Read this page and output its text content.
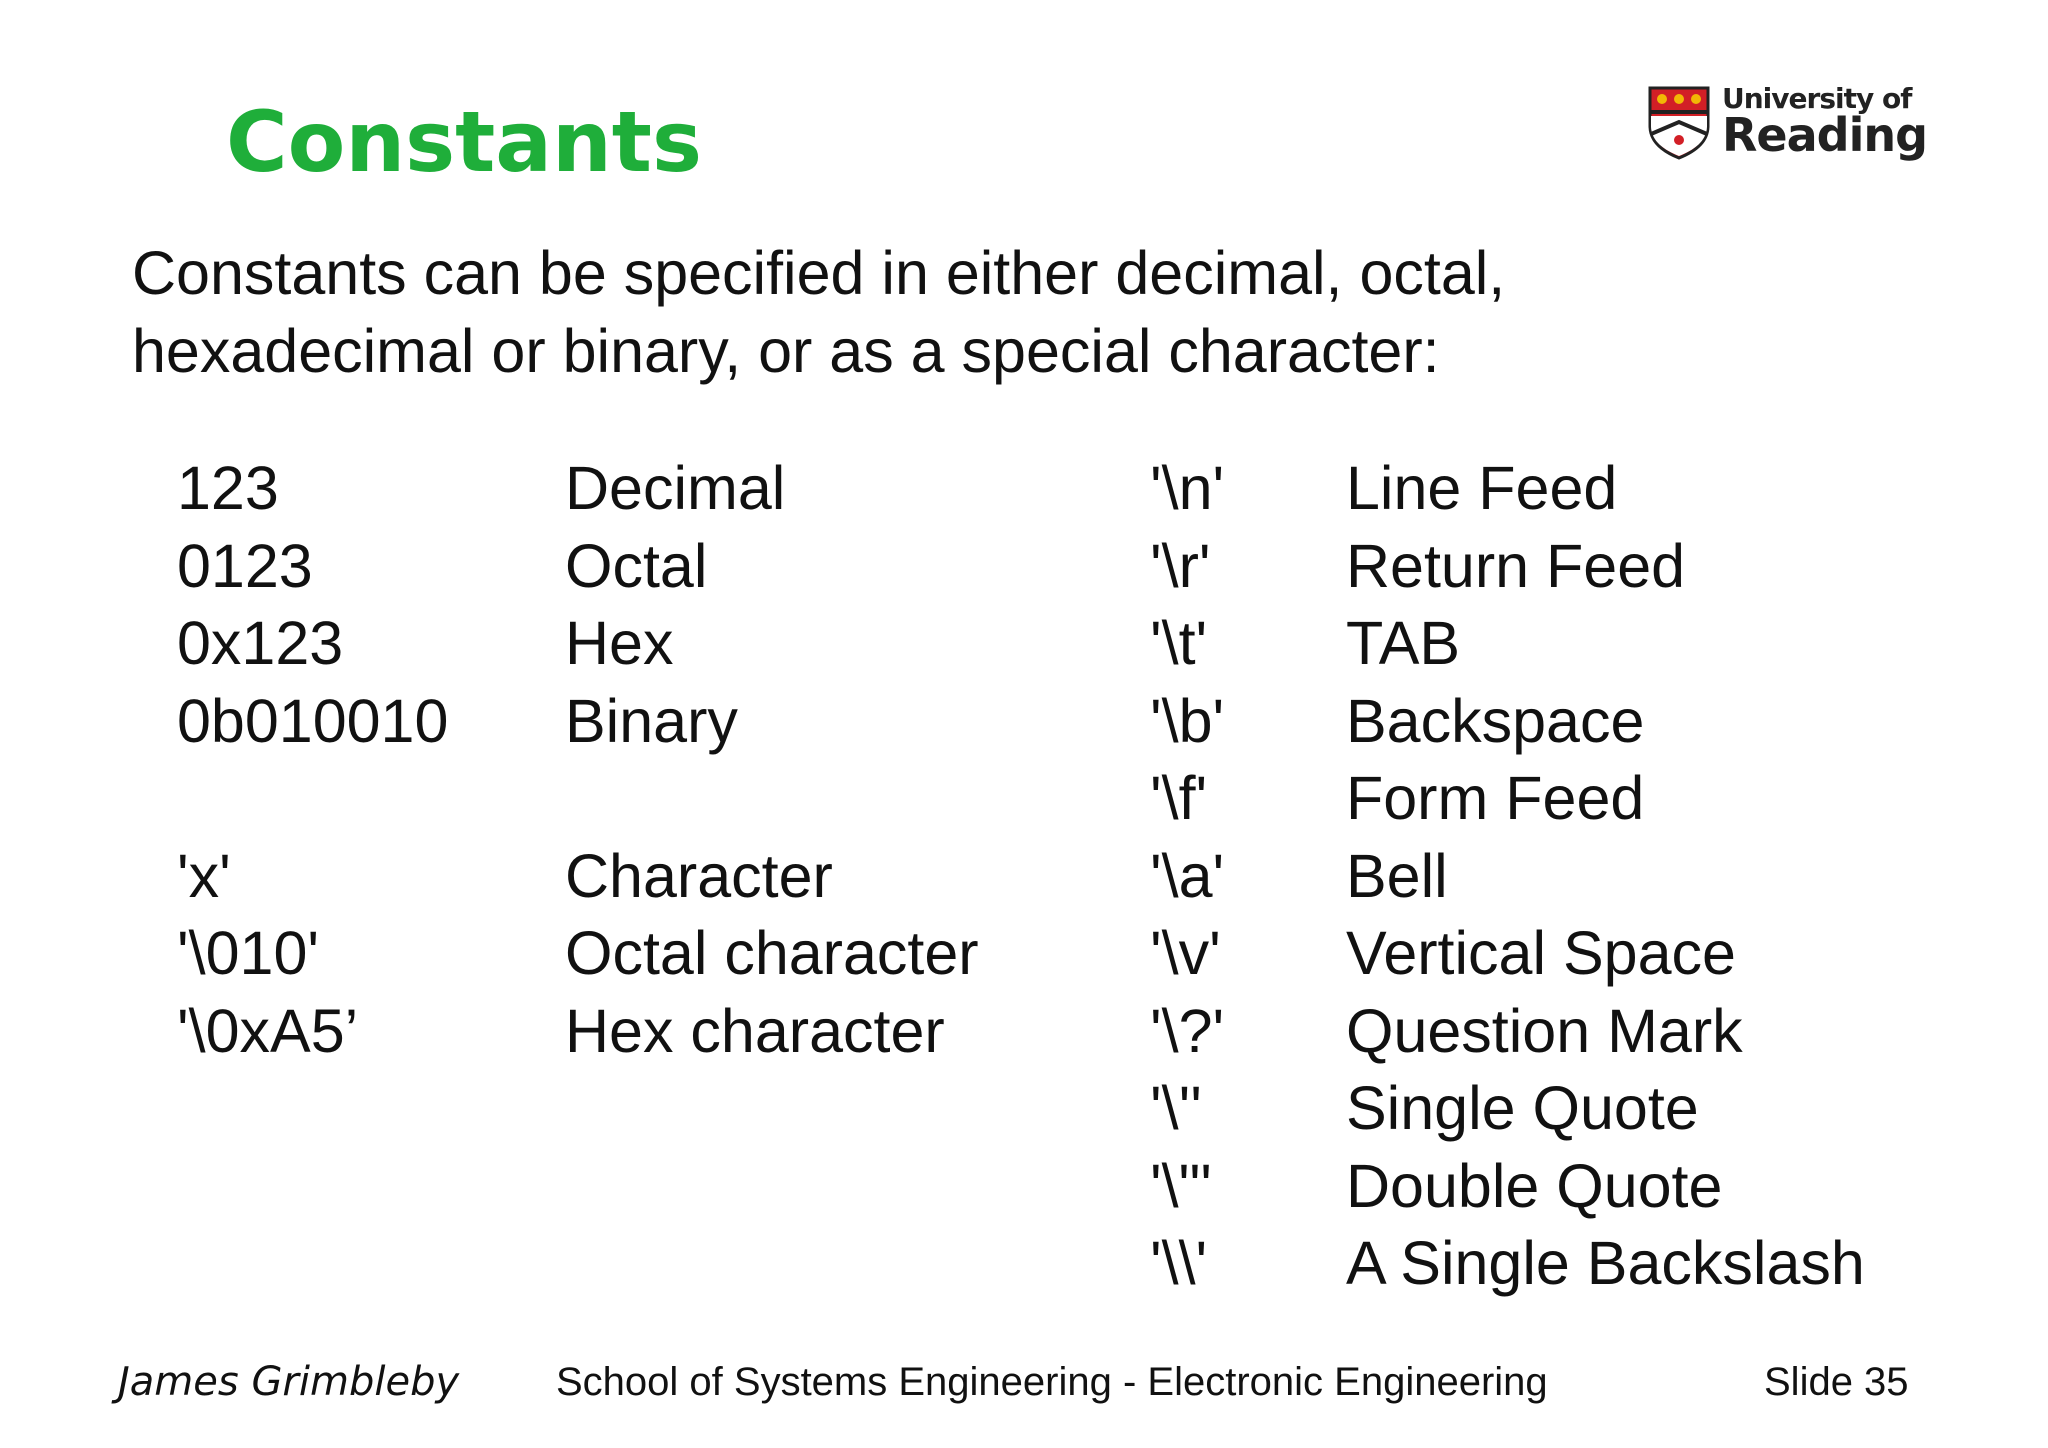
Constants	University of
Reading
Constants can be specified in either decimal, octal,
hexadecimal or binary, or as a special character:
123
0123
0x123
0b010010
'x'
'\010'
'\0xA5’
Decimal
Octal
Hex
Binary
Character
Octal character
Hex character
'\n'
'\r'
'\t'
'\b'
'\f'
'\a'
'\v'
'\?'
'\''
'\"'
'\\'
Line Feed
Return Feed
TAB
Backspace
Form Feed
Bell
Vertical Space
Question Mark
Single Quote
Double Quote
A Single Backslash
James Grimbleby School of Systems Engineering - Electronic Engineering	Slide 35
